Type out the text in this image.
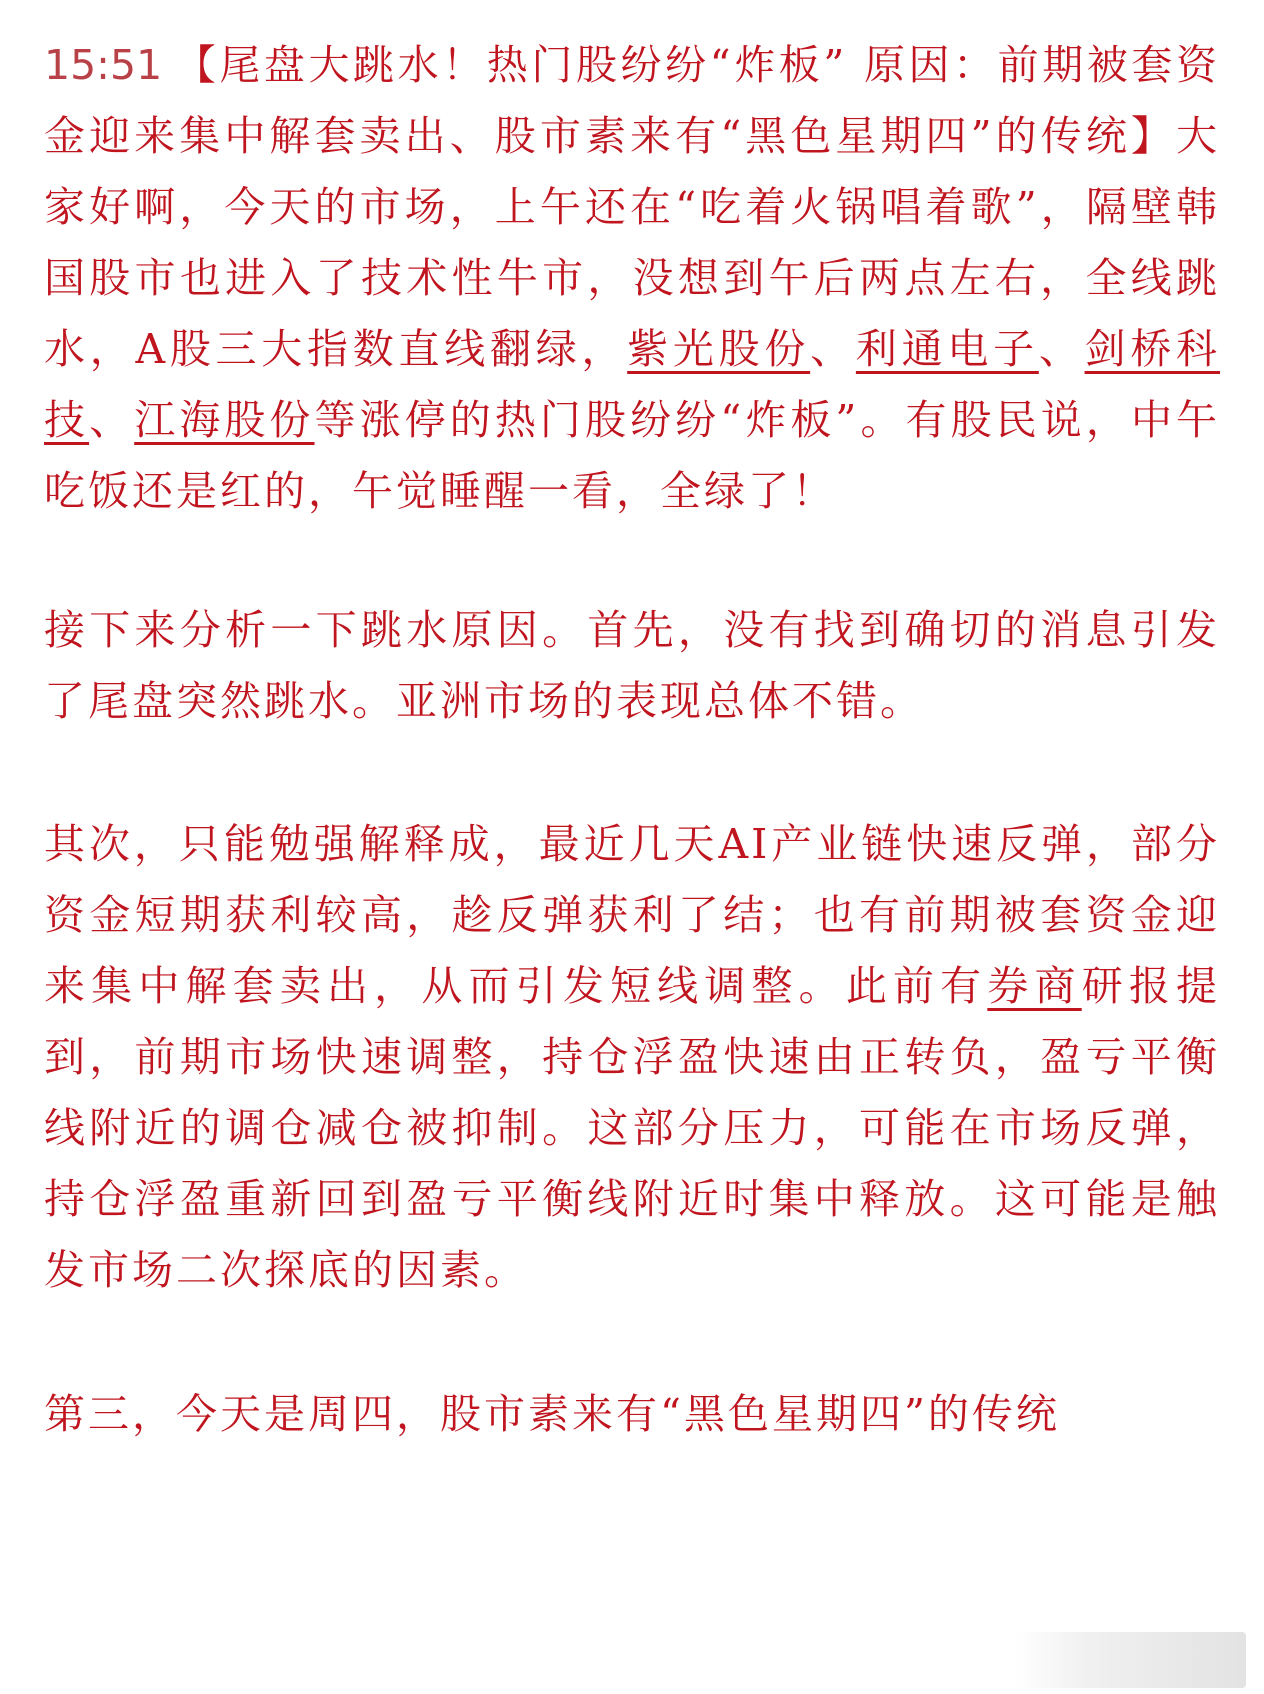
15:51 【尾盘大跳水！热门股纷纷“炸板” 原因：前期被套资金迎来集中解套卖出、股市素来有“黑色星期四”的传统】大家好啊，今天的市场，上午还在“吃着火锅唱着歌”，隔壁韩国股市也进入了技术性牛市，没想到午后两点左右，全线跳水，A股三大指数直线翻绿，紫光股份、利通电子、剑桥科技、江海股份等涨停的热门股纷纷“炸板”。有股民说，中午吃饭还是红的，午觉睡醒一看，全绿了！

接下来分析一下跳水原因。首先，没有找到确切的消息引发了尾盘突然跳水。亚洲市场的表现总体不错。

其次，只能勉强解释成，最近几天AI产业链快速反弹，部分资金短期获利较高，趁反弹获利了结；也有前期被套资金迎来集中解套卖出，从而引发短线调整。此前有券商研报提到，前期市场快速调整，持仓浮盈快速由正转负，盈亏平衡线附近的调仓减仓被抑制。这部分压力，可能在市场反弹，持仓浮盈重新回到盈亏平衡线附近时集中释放。这可能是触发市场二次探底的因素。

第三，今天是周四，股市素来有“黑色星期四”的传统
